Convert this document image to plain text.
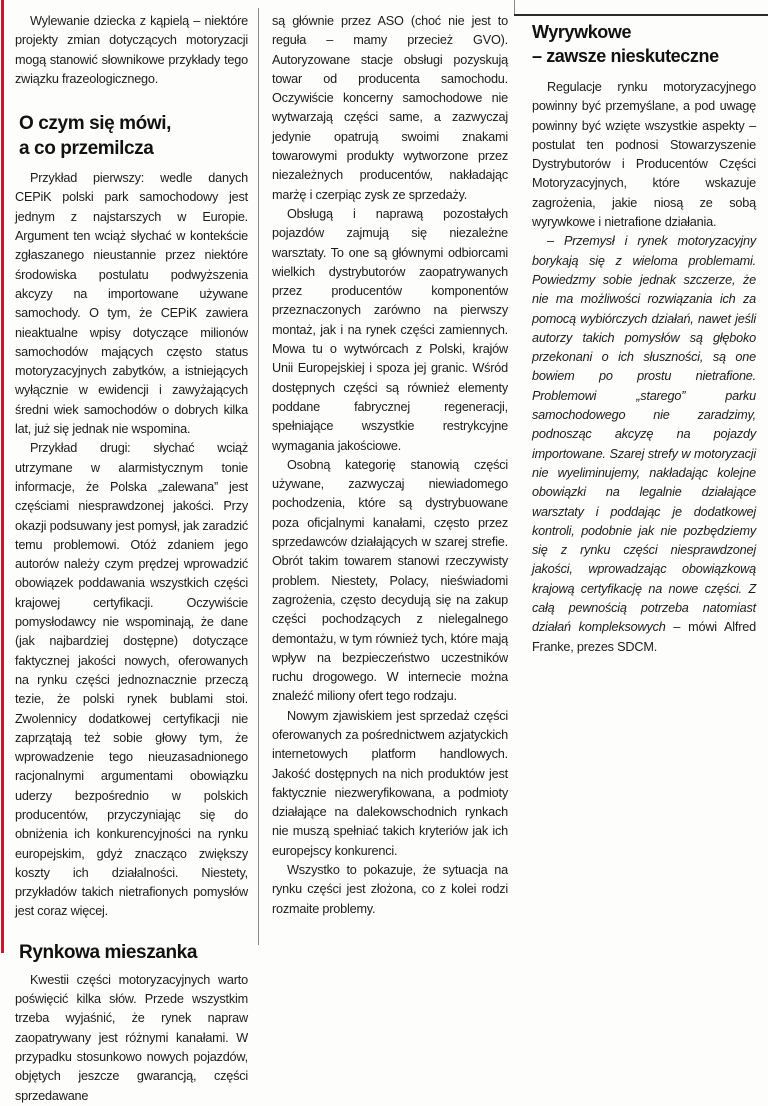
Wylewanie dziecka z kąpielą – niektóre projekty zmian dotyczących motoryzacji mogą stanowić słownikowe przykłady tego związku frazeologicznego.

O czym się mówi,
a co przemilcza

Przykład pierwszy: wedle danych CEPiK polski park samochodowy jest jednym z najstarszych w Europie. Argument ten wciąż słychać w kontekście zgłaszanego nieustannie przez niektóre środowiska postulatu podwyższenia akcyzy na importowane używane samochody. O tym, że CEPiK zawiera nieaktualne wpisy dotyczące milionów samochodów mających często status motoryzacyjnych zabytków, a istniejących wyłącznie w ewidencji i zawyżających średni wiek samochodów o dobrych kilka lat, już się jednak nie wspomina.

Przykład drugi: słychać wciąż utrzymane w alarmistycznym tonie informacje, że Polska „zalewana” jest częściami niesprawdzonej jakości. Przy okazji podsuwany jest pomysł, jak zaradzić temu problemowi. Otóż zdaniem jego autorów należy czym prędzej wprowadzić obowiązek poddawania wszystkich części krajowej certyfikacji. Oczywiście pomysłodawcy nie wspominają, że dane (jak najbardziej dostępne) dotyczące faktycznej jakości nowych, oferowanych na rynku części jednoznacznie przeczą tezie, że polski rynek bublami stoi. Zwolennicy dodatkowej certyfikacji nie zaprzątają też sobie głowy tym, że wprowadzenie tego nieuzasadnionego racjonalnymi argumentami obowiązku uderzy bezpośrednio w polskich producentów, przyczyniając się do obniżenia ich konkurencyjności na rynku europejskim, gdyż znacząco zwiększy koszty ich działalności. Niestety, przykładów takich nietrafionych pomysłów jest coraz więcej.

Rynkowa mieszanka

Kwestii części motoryzacyjnych warto poświęcić kilka słów. Przede wszystkim trzeba wyjaśnić, że rynek napraw zaopatrywany jest różnymi kanałami. W przypadku stosunkowo nowych pojazdów, objętych jeszcze gwarancją, części sprzedawane

są głównie przez ASO (choć nie jest to reguła – mamy przecież GVO). Autoryzowane stacje obsługi pozyskują towar od producenta samochodu. Oczywiście koncerny samochodowe nie wytwarzają części same, a zazwyczaj jedynie opatrują swoimi znakami towarowymi produkty wytworzone przez niezależnych producentów, nakładając marżę i czerpiąc zysk ze sprzedaży.

Obsługą i naprawą pozostałych pojazdów zajmują się niezależne warsztaty. To one są głównymi odbiorcami wielkich dystrybutorów zaopatrywanych przez producentów komponentów przeznaczonych zarówno na pierwszy montaż, jak i na rynek części zamiennych. Mowa tu o wytwórcach z Polski, krajów Unii Europejskiej i spoza jej granic. Wśród dostępnych części są również elementy poddane fabrycznej regeneracji, spełniające wszystkie restrykcyjne wymagania jakościowe.

Osobną kategorię stanowią części używane, zazwyczaj niewiadomego pochodzenia, które są dystrybuowane poza oficjalnymi kanałami, często przez sprzedawców działających w szarej strefie. Obrót takim towarem stanowi rzeczywisty problem. Niestety, Polacy, nieświadomi zagrożenia, często decydują się na zakup części pochodzących z nielegalnego demontażu, w tym również tych, które mają wpływ na bezpieczeństwo uczestników ruchu drogowego. W internecie można znaleźć miliony ofert tego rodzaju.

Nowym zjawiskiem jest sprzedaż części oferowanych za pośrednictwem azjatyckich internetowych platform handlowych. Jakość dostępnych na nich produktów jest faktycznie niezweryfikowana, a podmioty działające na dalekowschodnich rynkach nie muszą spełniać takich kryteriów jak ich europejscy konkurenci.

Wszystko to pokazuje, że sytuacja na rynku części jest złożona, co z kolei rodzi rozmaite problemy.

Wyrywkowe
– zawsze nieskuteczne

Regulacje rynku motoryzacyjnego powinny być przemyślane, a pod uwagę powinny być wzięte wszystkie aspekty – postulat ten podnosi Stowarzyszenie Dystrybutorów i Producentów Części Motoryzacyjnych, które wskazuje zagrożenia, jakie niosą ze sobą wyrywkowe i nietrafione działania.

– Przemysł i rynek motoryzacyjny borykają się z wieloma problemami. Powiedzmy sobie jednak szczerze, że nie ma możliwości rozwiązania ich za pomocą wybiórczych działań, nawet jeśli autorzy takich pomysłów są głęboko przekonani o ich słuszności, są one bowiem po prostu nietrafione. Problemowi „starego” parku samochodowego nie zaradzimy, podnosząc akcyzę na pojazdy importowane. Szarej strefy w motoryzacji nie wyeliminujemy, nakładając kolejne obowiązki na legalnie działające warsztaty i poddając je dodatkowej kontroli, podobnie jak nie pozbędziemy się z rynku części niesprawdzonej jakości, wprowadzając obowiązkową krajową certyfikację na nowe części. Z całą pewnością potrzeba natomiast działań kompleksowych – mówi Alfred Franke, prezes SDCM.
